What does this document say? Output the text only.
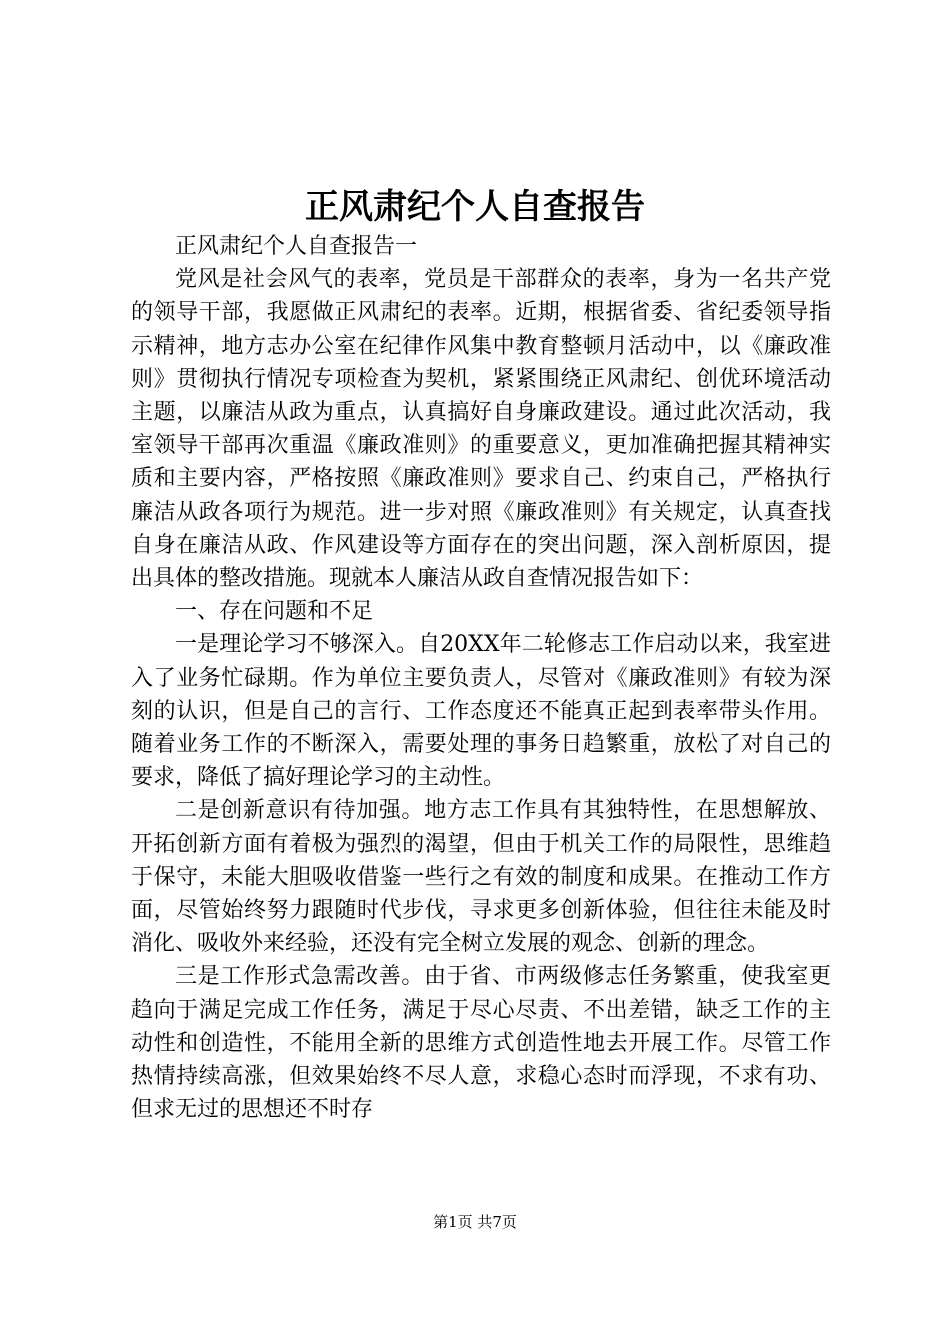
正风肃纪个人自查报告

正风肃纪个人自查报告一

党风是社会风气的表率，党员是干部群众的表率，身为一名共产党的领导干部，我愿做正风肃纪的表率。近期，根据省委、省纪委领导指示精神，地方志办公室在纪律作风集中教育整顿月活动中，以《廉政准则》贯彻执行情况专项检查为契机，紧紧围绕正风肃纪、创优环境活动主题，以廉洁从政为重点，认真搞好自身廉政建设。通过此次活动，我室领导干部再次重温《廉政准则》的重要意义，更加准确把握其精神实质和主要内容，严格按照《廉政准则》要求自己、约束自己，严格执行廉洁从政各项行为规范。进一步对照《廉政准则》有关规定，认真查找自身在廉洁从政、作风建设等方面存在的突出问题，深入剖析原因，提出具体的整改措施。现就本人廉洁从政自查情况报告如下：

一、存在问题和不足

一是理论学习不够深入。自20XX年二轮修志工作启动以来，我室进入了业务忙碌期。作为单位主要负责人，尽管对《廉政准则》有较为深刻的认识，但是自己的言行、工作态度还不能真正起到表率带头作用。随着业务工作的不断深入，需要处理的事务日趋繁重，放松了对自己的要求，降低了搞好理论学习的主动性。

二是创新意识有待加强。地方志工作具有其独特性，在思想解放、开拓创新方面有着极为强烈的渴望，但由于机关工作的局限性，思维趋于保守，未能大胆吸收借鉴一些行之有效的制度和成果。在推动工作方面，尽管始终努力跟随时代步伐，寻求更多创新体验，但往往未能及时消化、吸收外来经验，还没有完全树立发展的观念、创新的理念。

三是工作形式急需改善。由于省、市两级修志任务繁重，使我室更趋向于满足完成工作任务，满足于尽心尽责、不出差错，缺乏工作的主动性和创造性，不能用全新的思维方式创造性地去开展工作。尽管工作热情持续高涨，但效果始终不尽人意，求稳心态时而浮现，不求有功、但求无过的思想还不时存

第1页 共7页
